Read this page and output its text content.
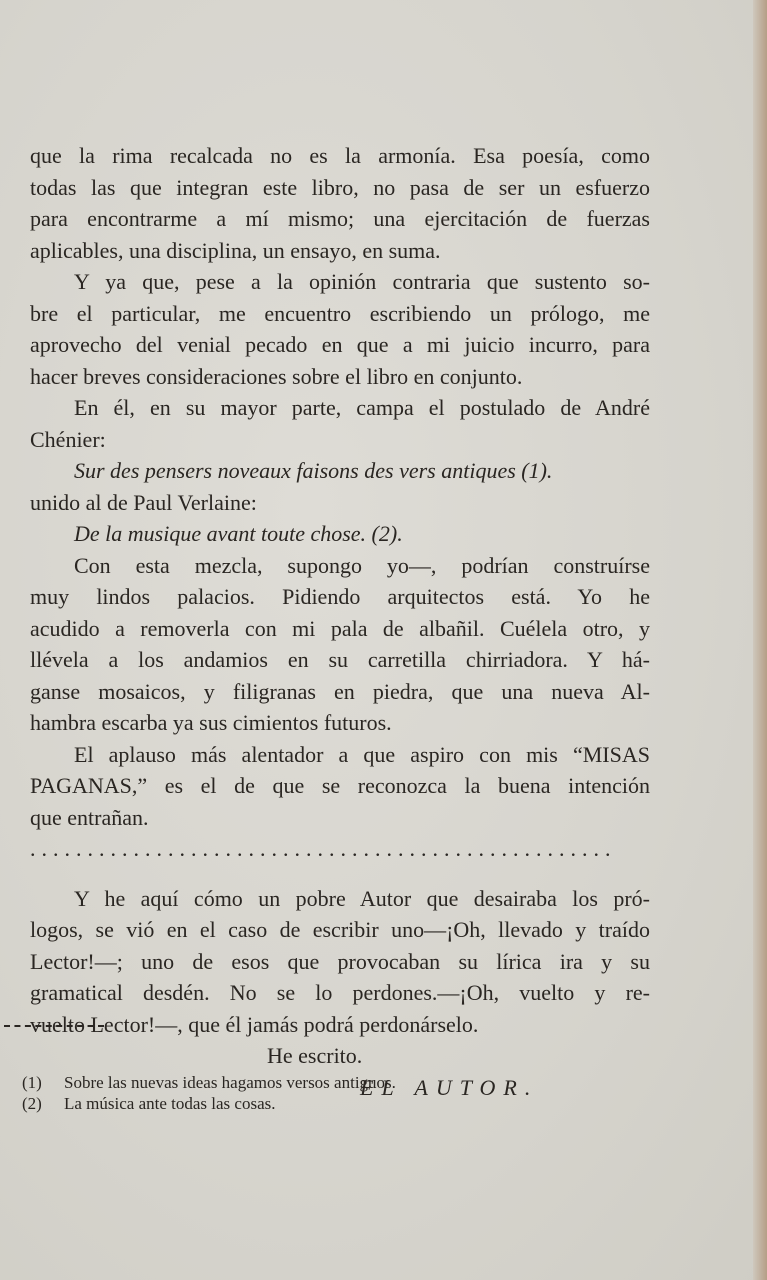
que la rima recalcada no es la armonía. Esa poesía, como
todas las que integran este libro, no pasa de ser un esfuerzo
para encontrarme a mí mismo; una ejercitación de fuerzas
aplicables, una disciplina, un ensayo, en suma.
Y ya que, pese a la opinión contraria que sustento so-
bre el particular, me encuentro escribiendo un prólogo, me
aprovecho del venial pecado en que a mi juicio incurro, para
hacer breves consideraciones sobre el libro en conjunto.
En él, en su mayor parte, campa el postulado de André
Chénier:
Sur des pensers noveaux faisons des vers antiques (1).
unido al de Paul Verlaine:
De la musique avant toute chose. (2).
Con esta mezcla, supongo yo—, podrían construírse
muy lindos palacios. Pidiendo arquitectos está. Yo he
acudido a removerla con mi pala de albañil. Cuélela otro, y
llévela a los andamios en su carretilla chirriadora. Y há-
ganse mosaicos, y filigranas en piedra, que una nueva Al-
hambra escarba ya sus cimientos futuros.
El aplauso más alentador a que aspiro con mis “MISAS
PAGANAS,” es el de que se reconozca la buena intención
que entrañan.
...................................................
Y he aquí cómo un pobre Autor que desairaba los pró-
logos, se vió en el caso de escribir uno—¡Oh, llevado y traído
Lector!—; uno de esos que provocaban su lírica ira y su
gramatical desdén. No se lo perdones.—¡Oh, vuelto y re-
vuelto Lector!—, que él jamás podrá perdonárselo.
He escrito.
EL AUTOR.
(1) Sobre las nuevas ideas hagamos versos antiguos.
(2) La música ante todas las cosas.
